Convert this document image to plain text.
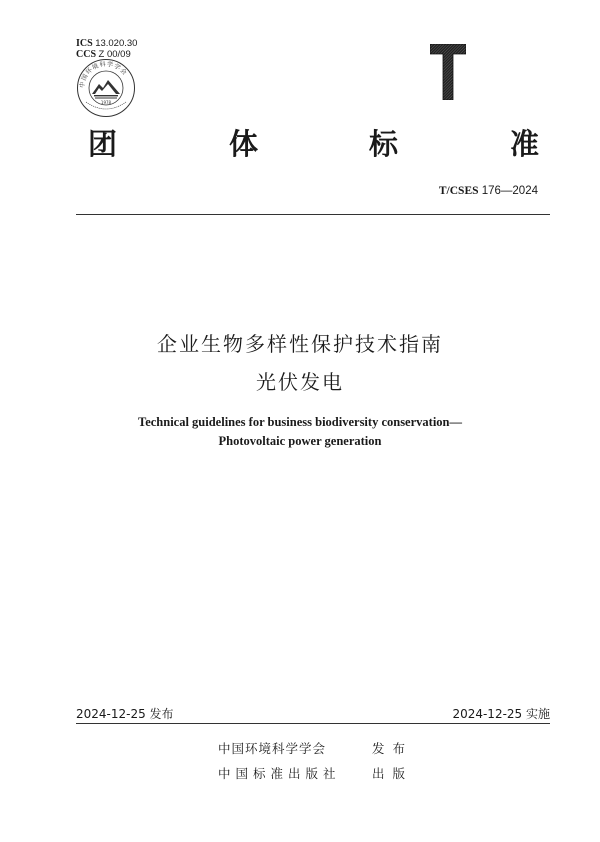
ICS 13.020.30
CCS Z 00/09
中国环境科学学会
1978
T
团	体	标	准
T/CSES 176—2024
企业生物多样性保护技术指南
光伏发电
Technical guidelines for business biodiversity conservation—
Photovoltaic power generation
2024-12-25 发布	2024-12-25 实施
中国环境科学学会	发布
中国标准出版社	出版
